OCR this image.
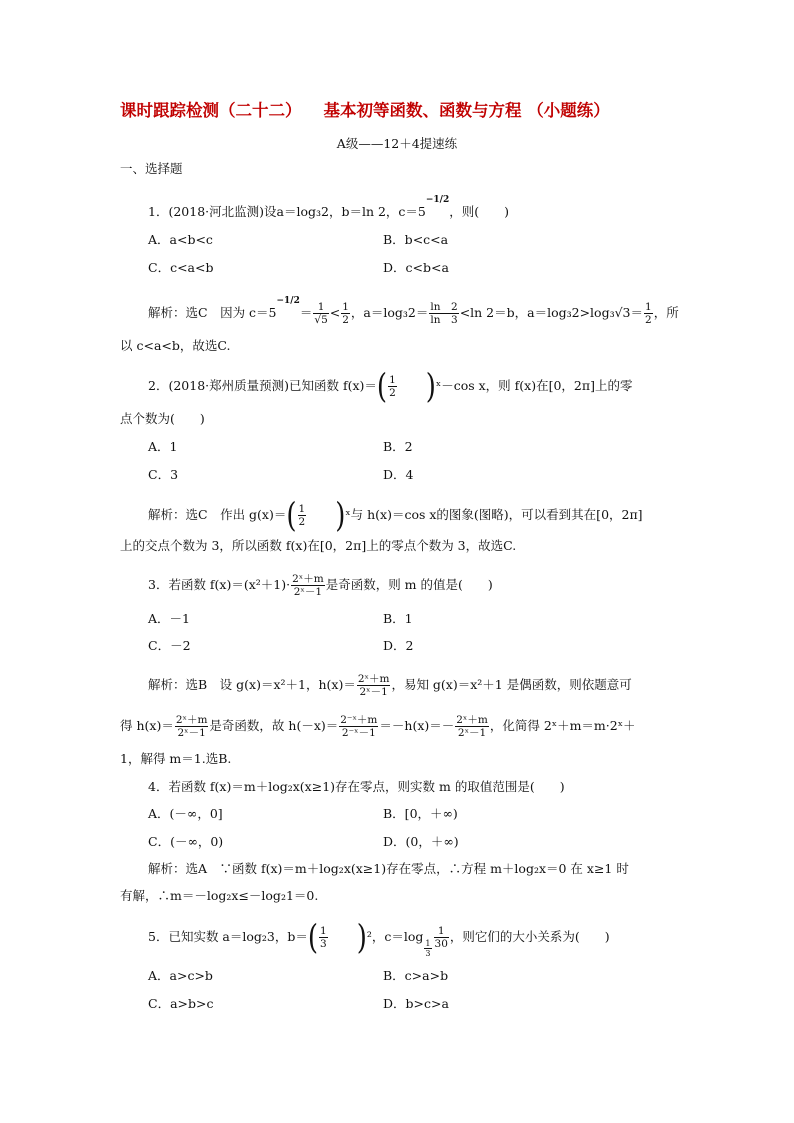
课时跟踪检测（二十二） 基本初等函数、函数与方程 （小题练）
A级——12＋4提速练
一、选择题
1．(2018·河北监测)设a＝log₃2，b＝ln 2，$c=5^{-1/2}$，则(　　)
A．a<b<c	B．b<c<a
C．c<a<b	D．c<b<a
解析：选C　因为 $c=5^{-1/2}= \frac{1}{√5} < \frac{1}{2}$ ，$a=\log_32= \frac{\ln 2}{\ln 3} <\ln$ 2＝b，$a=\log_32>\log_3√3= \frac{1}{2}$ ，所
以 c<a<b，故选C.
2．(2018·郑州质量预测)已知函数 $f(x)=( \frac{1}{2}$ )ˣ－cos x，则 f(x)在[0，2π]上的零
点个数为(　　)
A．1	B．2
C．3	D．4
解析：选C　作出 $g(x)=( \frac{1}{2}$ )ˣ与 h(x)＝cos x的图象(图略)，可以看到其在[0，2π]
上的交点个数为 3，所以函数 f(x)在[0，2π]上的零点个数为 3，故选C.
3．若函数 $f(x)=(x^2+1)\cdot \frac{\text{2ˣ＋m}}{\text{2ˣ－1}}$ 是奇函数，则 m 的值是(　　)
A．－1	B．1
C．－2	D．2
解析：选B　设 g(x)＝x²＋1，$h(x)= \frac{\text{2ˣ＋m}}{\text{2ˣ－1}}$ ，易知 g(x)＝x²＋1 是偶函数，则依题意可
得 $h(x)= \frac{\text{2ˣ＋m}}{\text{2ˣ－1}}$ 是奇函数，故 $h(-x)= \frac{\text{2⁻ˣ＋m}}{\text{2⁻ˣ－1}} =-h(x)=- \frac{\text{2ˣ＋m}}{\text{2ˣ－1}}$ ，化简得 2ˣ＋m＝m·2ˣ＋
1，解得 m＝1.选B.
4．若函数 f(x)＝m＋log₂x(x≥1)存在零点，则实数 m 的取值范围是(　　)
A．(－∞，0]	B．[0，＋∞)
C．(－∞，0)	D．(0，＋∞)
解析：选A　∵函数 f(x)＝m＋log₂x(x≥1)存在零点，∴方程 m＋log₂x＝0 在 x≥1 时
有解，∴m＝－log₂x≤－log₂1＝0.
5．已知实数 a＝log₂3，$b=( \frac{1}{3} )^2$，c＝log
$_{\frac{1}{3}} \frac{1}{30}$ ，则它们的大小关系为(　　)
A．a>c>b	B．c>a>b
C．a>b>c	D．b>c>a
